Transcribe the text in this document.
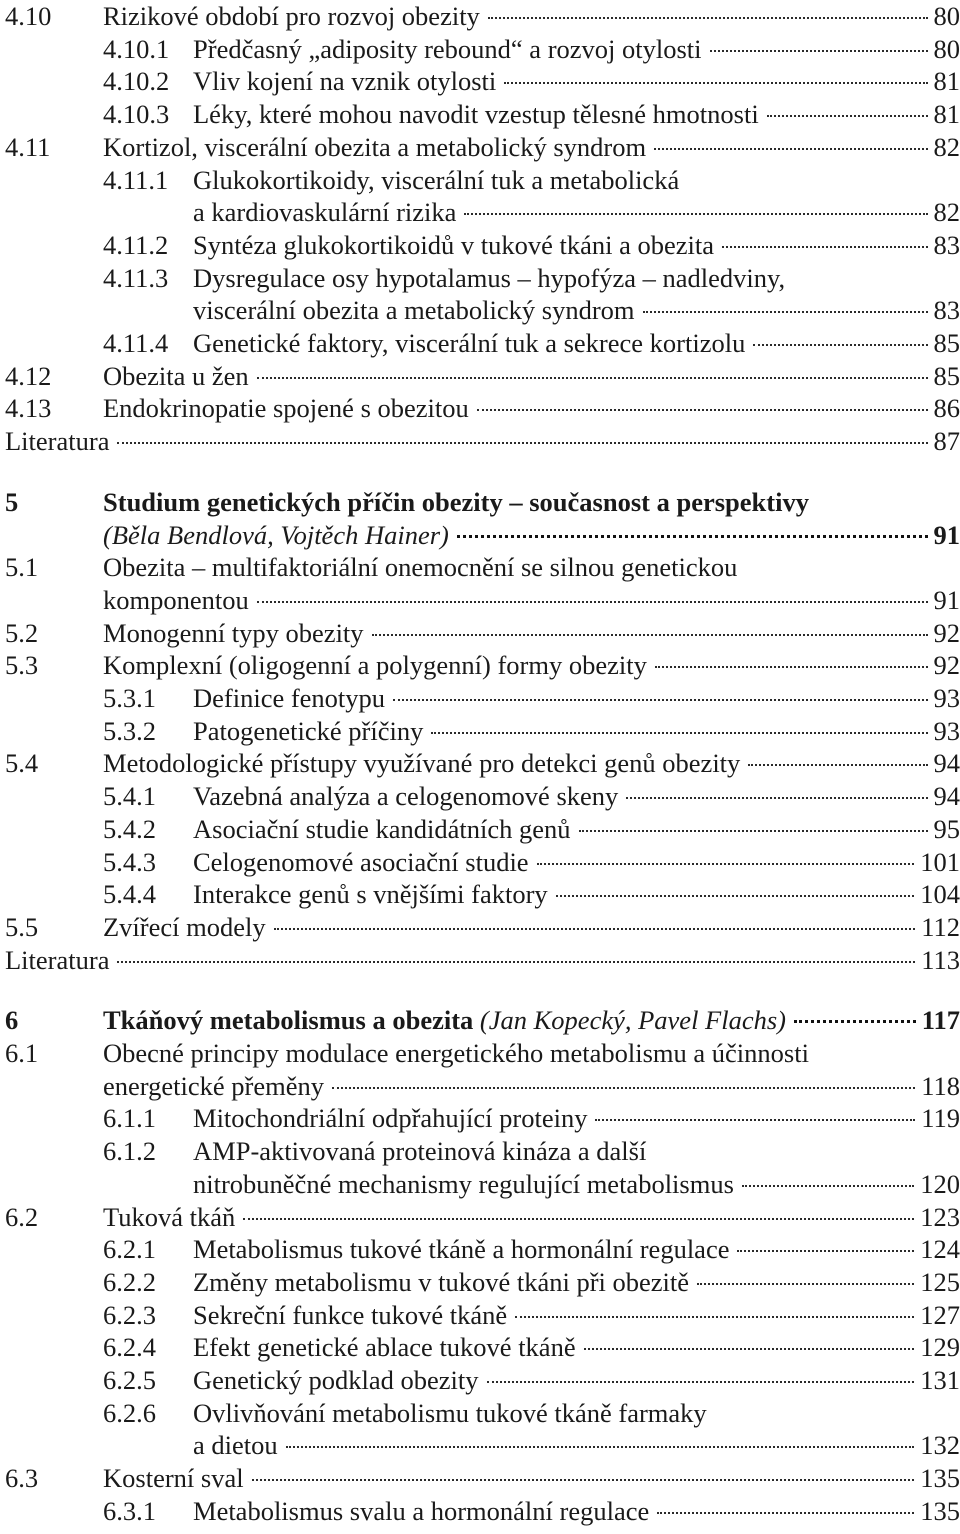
4.10 Rizikové období pro rozvoj obezity	80
4.10.1 Předčasný „adiposity rebound“ a rozvoj otylosti	80
4.10.2 Vliv kojení na vznik otylosti	81
4.10.3 Léky, které mohou navodit vzestup tělesné hmotnosti	81
4.11 Kortizol, viscerální obezita a metabolický syndrom	82
4.11.1 Glukokortikoidy, viscerální tuk a metabolická
a kardiovaskulární rizika	82
4.11.2 Syntéza glukokortikoidů v tukové tkáni a obezita	83
4.11.3 Dysregulace osy hypotalamus – hypofýza – nadledviny,
viscerální obezita a metabolický syndrom	83
4.11.4 Genetické faktory, viscerální tuk a sekrece kortizolu	85
4.12 Obezita u žen	85
4.13 Endokrinopatie spojené s obezitou	86
Literatura	87
5	Studium genetických příčin obezity – současnost a perspektivy
(Běla Bendlová, Vojtěch Hainer)	91
5.1 Obezita – multifaktoriální onemocnění se silnou genetickou
komponentou	91
5.2 Monogenní typy obezity	92
5.3 Komplexní (oligogenní a polygenní) formy obezity	92
5.3.1 Definice fenotypu	93
5.3.2 Patogenetické příčiny	93
5.4 Metodologické přístupy využívané pro detekci genů obezity	94
5.4.1 Vazebná analýza a celogenomové skeny	94
5.4.2 Asociační studie kandidátních genů	95
5.4.3 Celogenomové asociační studie	101
5.4.4 Interakce genů s vnějšími faktory	104
5.5 Zvířecí modely	112
Literatura	113
6	Tkáňový metabolismus a obezita (Jan Kopecký, Pavel Flachs)	117
6.1 Obecné principy modulace energetického metabolismu a účinnosti
energetické přeměny	118
6.1.1 Mitochondriální odpřahující proteiny	119
6.1.2 AMP-aktivovaná proteinová kináza a další
nitrobuněčné mechanismy regulující metabolismus	120
6.2 Tuková tkáň	123
6.2.1 Metabolismus tukové tkáně a hormonální regulace	124
6.2.2 Změny metabolismu v tukové tkáni při obezitě	125
6.2.3 Sekreční funkce tukové tkáně	127
6.2.4 Efekt genetické ablace tukové tkáně	129
6.2.5 Genetický podklad obezity	131
6.2.6 Ovlivňování metabolismu tukové tkáně farmaky
a dietou	132
6.3 Kosterní sval	135
6.3.1 Metabolismus svalu a hormonální regulace	135
